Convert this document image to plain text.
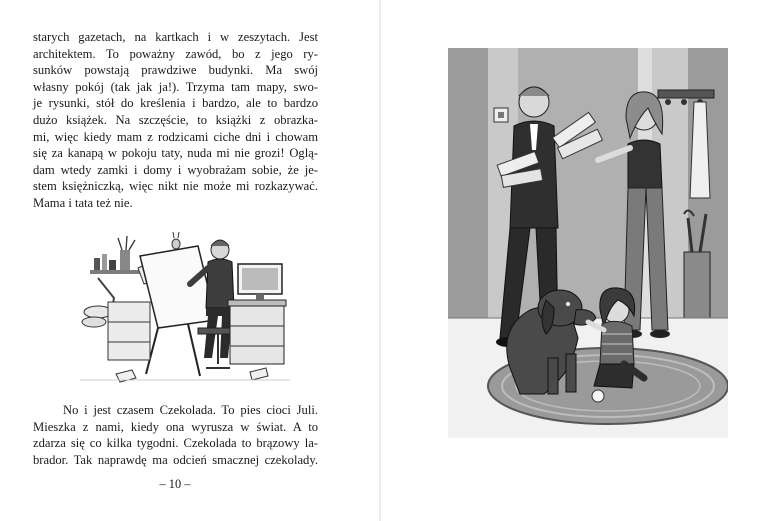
starych gazetach, na kartkach i w zeszytach. Jest
architektem. To poważny zawód, bo z jego ry-
sunków powstają prawdziwe budynki. Ma swój
własny pokój (tak jak ja!). Trzyma tam mapy, swo-
je rysunki, stół do kreślenia i bardzo, ale to bardzo
dużo książek. Na szczęście, to książki z obrazka-
mi, więc kiedy mam z rodzicami ciche dni i chowam
się za kanapą w pokoju taty, nuda mi nie grozi! Oglą-
dam wtedy zamki i domy i wyobrażam sobie, że je-
stem księżniczką, więc nikt nie może mi rozkazywać.
Mama i tata też nie.

No i jest czasem Czekolada. To pies cioci Juli.
Mieszka z nami, kiedy ona wyrusza w świat. A to
zdarza się co kilka tygodni. Czekolada to brązowy la-
brador. Tak naprawdę ma odcień smacznej czekolady.

– 10 –
